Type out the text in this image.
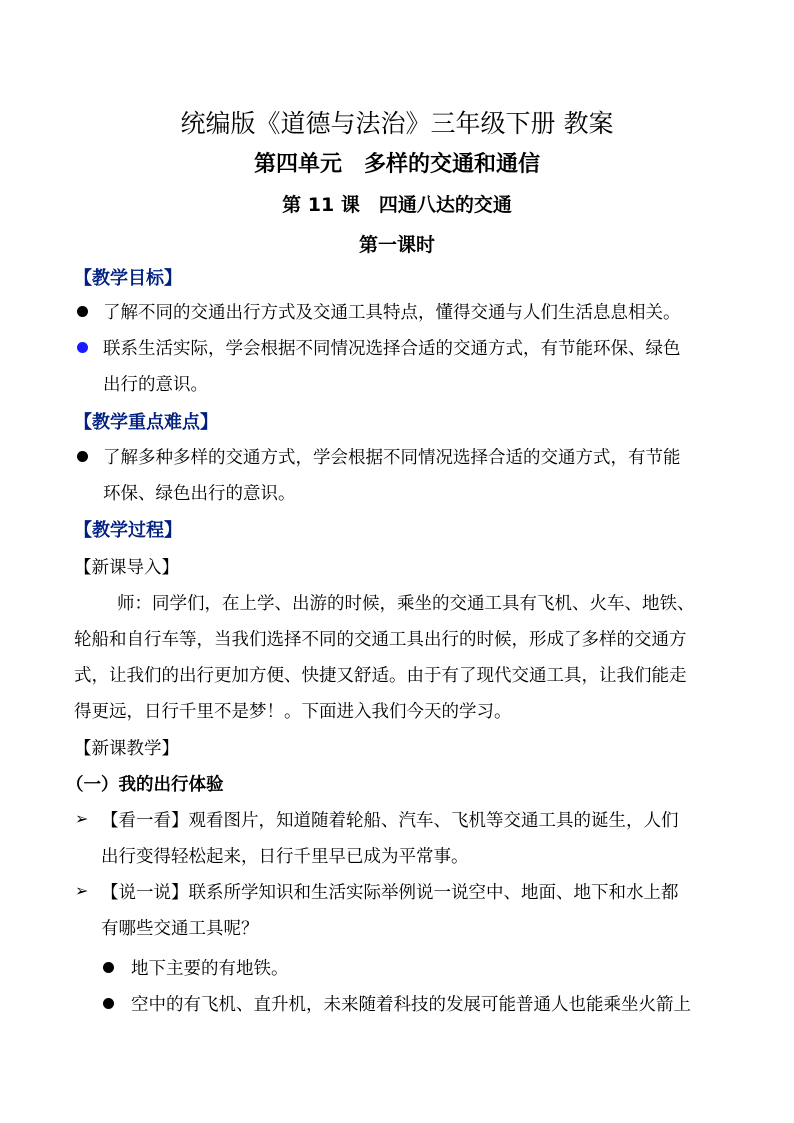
统编版《道德与法治》三年级下册 教案
第四单元　多样的交通和通信
第 11 课　四通八达的交通
第一课时
【教学目标】
了解不同的交通出行方式及交通工具特点，懂得交通与人们生活息息相关。
联系生活实际，学会根据不同情况选择合适的交通方式，有节能环保、绿色
出行的意识。
【教学重点难点】
了解多种多样的交通方式，学会根据不同情况选择合适的交通方式，有节能
环保、绿色出行的意识。
【教学过程】
【新课导入】
师：同学们，在上学、出游的时候，乘坐的交通工具有飞机、火车、地铁、
轮船和自行车等，当我们选择不同的交通工具出行的时候，形成了多样的交通方
式，让我们的出行更加方便、快捷又舒适。由于有了现代交通工具，让我们能走
得更远，日行千里不是梦！。下面进入我们今天的学习。
【新课教学】
（一）我的出行体验
➢ 【看一看】观看图片，知道随着轮船、汽车、飞机等交通工具的诞生，人们
出行变得轻松起来，日行千里早已成为平常事。
➢ 【说一说】联系所学知识和生活实际举例说一说空中、地面、地下和水上都
有哪些交通工具呢？
地下主要的有地铁。
空中的有飞机、直升机，未来随着科技的发展可能普通人也能乘坐火箭上
